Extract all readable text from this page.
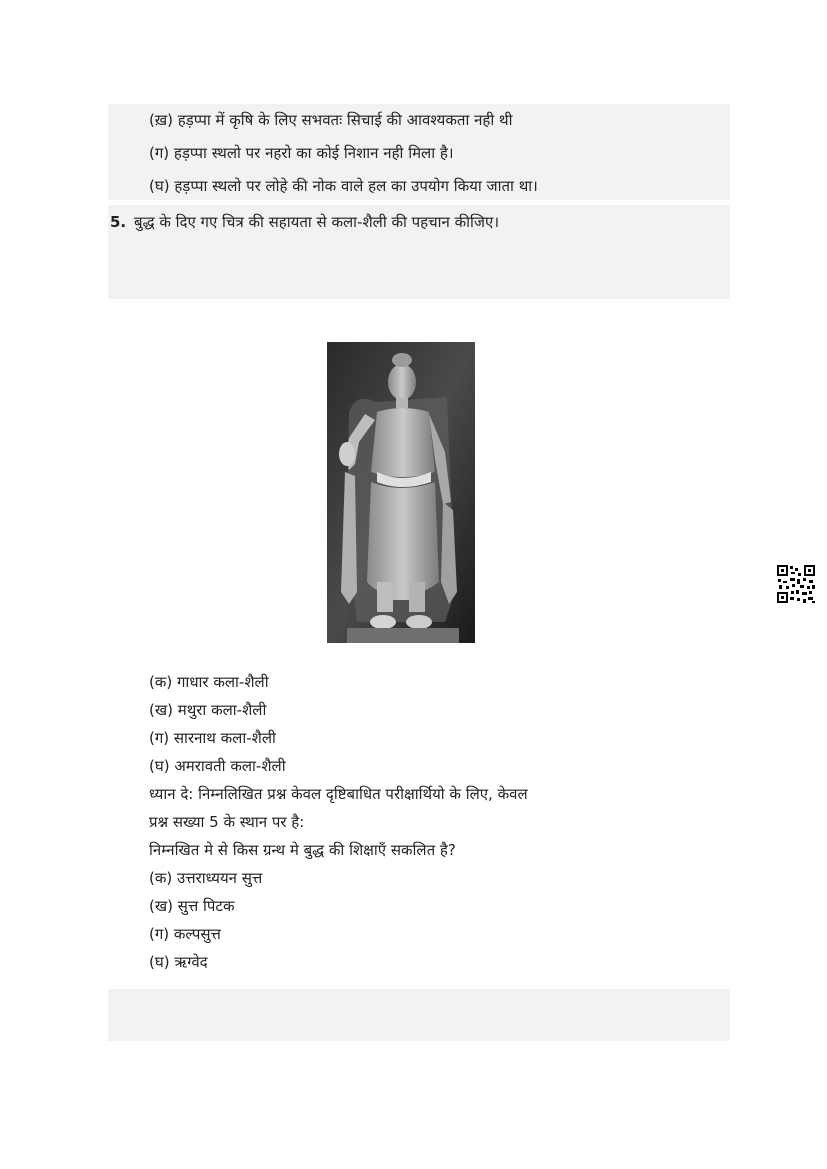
(ख़) हड़प्पा में कृषि के लिए सभवतः सिचाई की आवश्यकता नही थी
(ग) हड़प्पा स्थलो पर नहरो का कोई निशान नही मिला है।
(घ) हड़प्पा स्थलो पर लोहे की नोक वाले हल का उपयोग किया जाता था।
5. बुद्ध के दिए गए चित्र की सहायता से कला-शैली की पहचान कीजिए।
(क) गाधार कला-शैली
(ख) मथुरा कला-शैली
(ग) सारनाथ कला-शैली
(घ) अमरावती कला-शैली
ध्यान दे: निम्नलिखित प्रश्न केवल दृष्टिबाधित परीक्षार्थियो के लिए, केवल
प्रश्न सख्या 5 के स्थान पर है:
निम्नखित मे से किस ग्रन्थ मे बुद्ध की शिक्षाएँ सकलित है?
(क) उत्तराध्ययन सुत्त
(ख) सुत्त पिटक
(ग) कल्पसुत्त
(घ) ऋग्वेद
